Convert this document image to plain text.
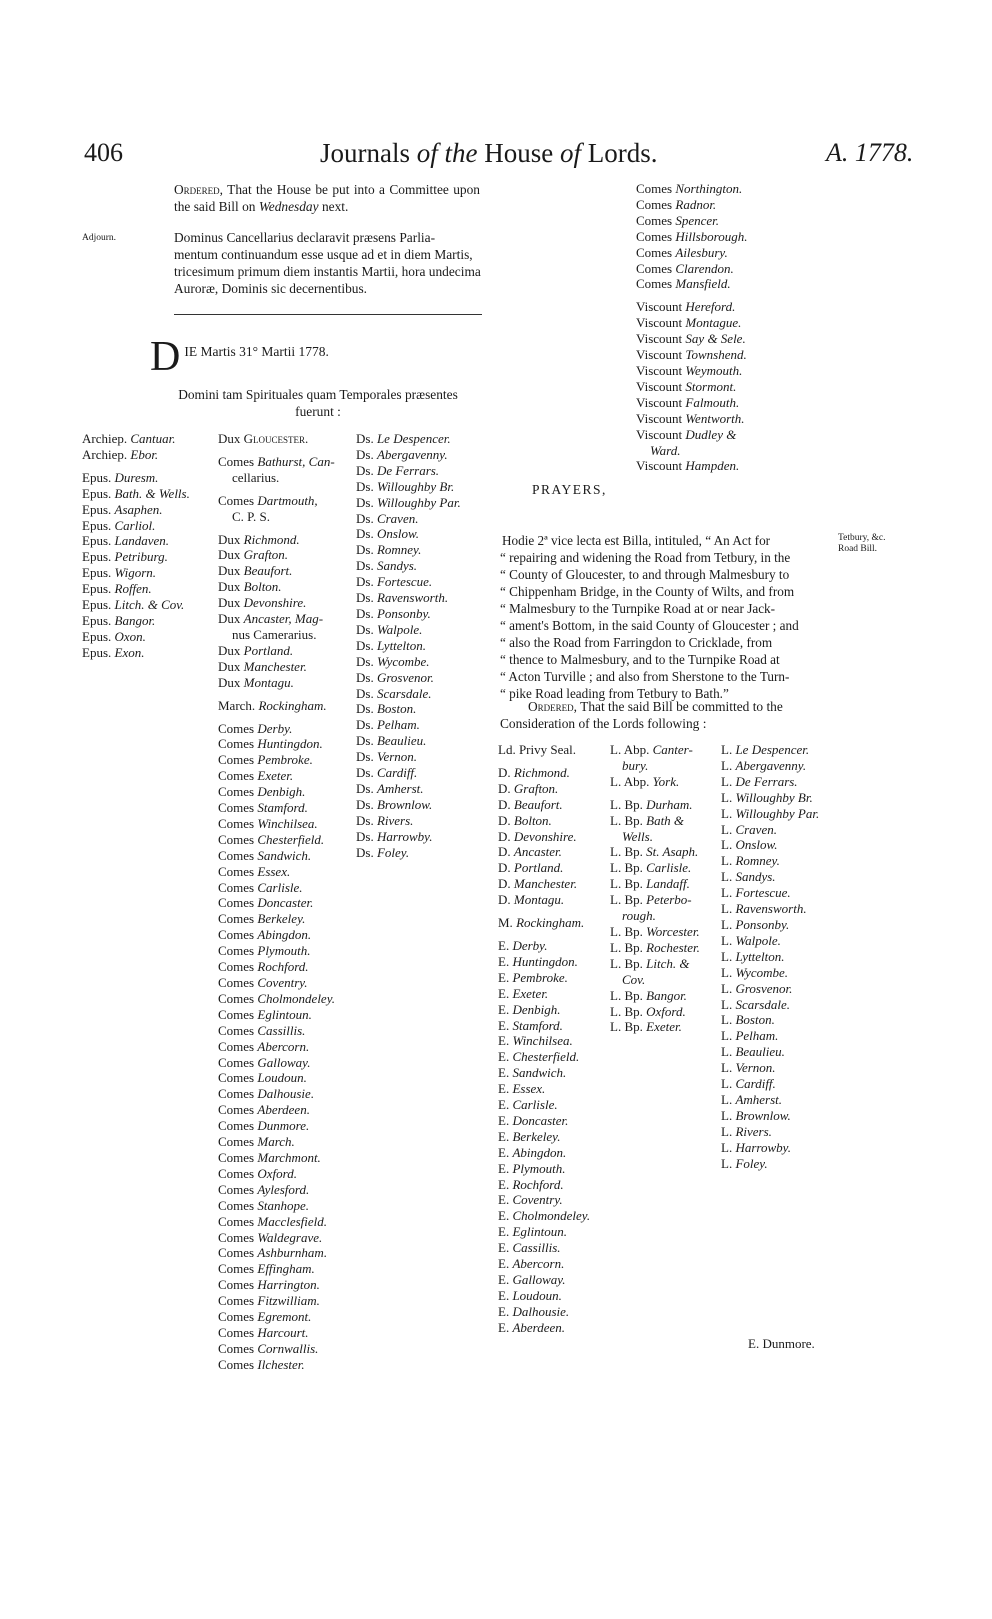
406	Journals of the House of Lords.	A. 1778.
Ordered, That the House be put into a Committee upon the said Bill on Wednesday next.
Adjourn.	Dominus Cancellarius declaravit præsens Parlia-
mentum continuandum esse usque ad et in diem Martis,
tricesimum primum diem instantis Martii, hora undecima
Auroræ, Dominis sic decernentibus.
D $^{IE Martis 31^\circ Martii 1778.}$
Domini tam Spirituales quam Temporales præsentes
fuerunt :
Archiep. Cantuar.
Archiep. Ebor.
Epus. Duresm.
Epus. Bath. & Wells.
Epus. Asaphen.
Epus. Carliol.
Epus. Landaven.
Epus. Petriburg.
Epus. Wigorn.
Epus. Roffen.
Epus. Litch. & Cov.
Epus. Bangor.
Epus. Oxon.
Epus. Exon.
Dux Gloucester.
Comes Bathurst, Can-
cellarius.
Comes Dartmouth,
C. P. S.
Dux Richmond.
Dux Grafton.
Dux Beaufort.
Dux Bolton.
Dux Devonshire.
Dux Ancaster, Mag-
nus Camerarius.
Dux Portland.
Dux Manchester.
Dux Montagu.
March. Rockingham.
Comes Derby.
Comes Huntingdon.
Comes Pembroke.
Comes Exeter.
Comes Denbigh.
Comes Stamford.
Comes Winchilsea.
Comes Chesterfield.
Comes Sandwich.
Comes Essex.
Comes Carlisle.
Comes Doncaster.
Comes Berkeley.
Comes Abingdon.
Comes Plymouth.
Comes Rochford.
Comes Coventry.
Comes Cholmondeley.
Comes Eglintoun.
Comes Cassillis.
Comes Abercorn.
Comes Galloway.
Comes Loudoun.
Comes Dalhousie.
Comes Aberdeen.
Comes Dunmore.
Comes March.
Comes Marchmont.
Comes Oxford.
Comes Aylesford.
Comes Stanhope.
Comes Macclesfield.
Comes Waldegrave.
Comes Ashburnham.
Comes Effingham.
Comes Harrington.
Comes Fitzwilliam.
Comes Egremont.
Comes Harcourt.
Comes Cornwallis.
Comes Ilchester.
Ds. Le Despencer.
Ds. Abergavenny.
Ds. De Ferrars.
Ds. Willoughby Br.
Ds. Willoughby Par.
Ds. Craven.
Ds. Onslow.
Ds. Romney.
Ds. Sandys.
Ds. Fortescue.
Ds. Ravensworth.
Ds. Ponsonby.
Ds. Walpole.
Ds. Lyttelton.
Ds. Wycombe.
Ds. Grosvenor.
Ds. Scarsdale.
Ds. Boston.
Ds. Pelham.
Ds. Beaulieu.
Ds. Vernon.
Ds. Cardiff.
Ds. Amherst.
Ds. Brownlow.
Ds. Rivers.
Ds. Harrowby.
Ds. Foley.
Comes Northington.
Comes Radnor.
Comes Spencer.
Comes Hillsborough.
Comes Ailesbury.
Comes Clarendon.
Comes Mansfield.
Viscount Hereford.
Viscount Montague.
Viscount Say & Sele.
Viscount Townshend.
Viscount Weymouth.
Viscount Stormont.
Viscount Falmouth.
Viscount Wentworth.
Viscount Dudley &
Ward.
Viscount Hampden.
PRAYERS,
Tetbury, &c.
Road Bill.
Hodie 2ª vice lecta est Billa, intituled, “ An Act for
“ repairing and widening the Road from Tetbury, in the
“ County of Gloucester, to and through Malmesbury to
“ Chippenham Bridge, in the County of Wilts, and from
“ Malmesbury to the Turnpike Road at or near Jack-
“ ament's Bottom, in the said County of Gloucester ; and
“ also the Road from Farringdon to Cricklade, from
“ thence to Malmesbury, and to the Turnpike Road at
“ Acton Turville ; and also from Sherstone to the Turn-
“ pike Road leading from Tetbury to Bath.”
Ordered, That the said Bill be committed to the
Consideration of the Lords following :
Ld. Privy Seal.
D. Richmond.
D. Grafton.
D. Beaufort.
D. Bolton.
D. Devonshire.
D. Ancaster.
D. Portland.
D. Manchester.
D. Montagu.
M. Rockingham.
E. Derby.
E. Huntingdon.
E. Pembroke.
E. Exeter.
E. Denbigh.
E. Stamford.
E. Winchilsea.
E. Chesterfield.
E. Sandwich.
E. Essex.
E. Carlisle.
E. Doncaster.
E. Berkeley.
E. Abingdon.
E. Plymouth.
E. Rochford.
E. Coventry.
E. Cholmondeley.
E. Eglintoun.
E. Cassillis.
E. Abercorn.
E. Galloway.
E. Loudoun.
E. Dalhousie.
E. Aberdeen.
L. Abp. Canter-
bury.
L. Abp. York.
L. Bp. Durham.
L. Bp. Bath &
Wells.
L. Bp. St. Asaph.
L. Bp. Carlisle.
L. Bp. Landaff.
L. Bp. Peterbo-
rough.
L. Bp. Worcester.
L. Bp. Rochester.
L. Bp. Litch. &
Cov.
L. Bp. Bangor.
L. Bp. Oxford.
L. Bp. Exeter.
L. Le Despencer.
L. Abergavenny.
L. De Ferrars.
L. Willoughby Br.
L. Willoughby Par.
L. Craven.
L. Onslow.
L. Romney.
L. Sandys.
L. Fortescue.
L. Ravensworth.
L. Ponsonby.
L. Walpole.
L. Lyttelton.
L. Wycombe.
L. Grosvenor.
L. Scarsdale.
L. Boston.
L. Pelham.
L. Beaulieu.
L. Vernon.
L. Cardiff.
L. Amherst.
L. Brownlow.
L. Rivers.
L. Harrowby.
L. Foley.
E. Dunmore.
